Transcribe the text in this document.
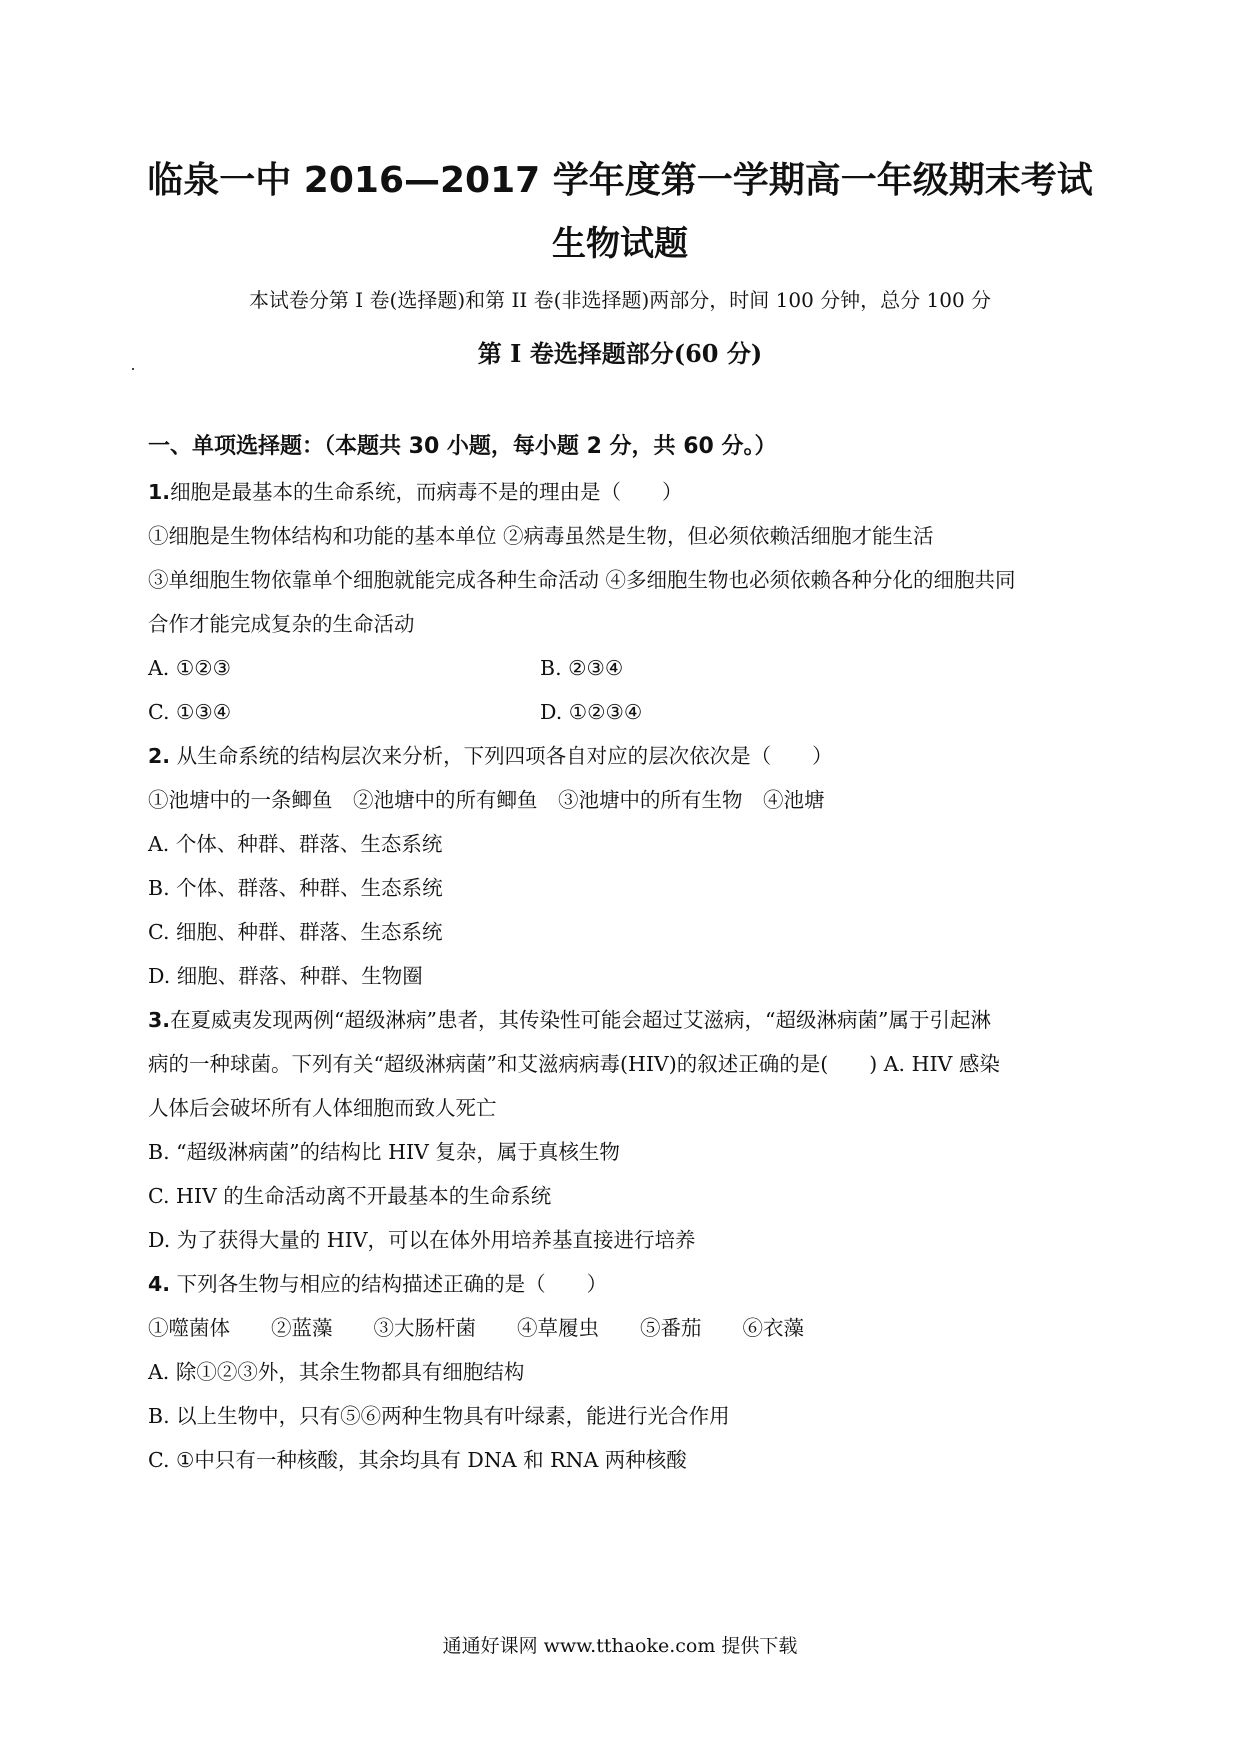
临泉一中 2016—2017 学年度第一学期高一年级期末考试
生物试题
本试卷分第 I 卷(选择题)和第 II 卷(非选择题)两部分，时间 100 分钟，总分 100 分
第 I 卷选择题部分(60 分)
一、单项选择题：（本题共 30 小题，每小题 2 分，共 60 分。）
1.细胞是最基本的生命系统，而病毒不是的理由是（　　）
①细胞是生物体结构和功能的基本单位 ②病毒虽然是生物，但必须依赖活细胞才能生活
③单细胞生物依靠单个细胞就能完成各种生命活动 ④多细胞生物也必须依赖各种分化的细胞共同
合作才能完成复杂的生命活动
A. ①②③	B. ②③④
C. ①③④	D. ①②③④
2. 从生命系统的结构层次来分析，下列四项各自对应的层次依次是（　　）
①池塘中的一条鲫鱼　②池塘中的所有鲫鱼　③池塘中的所有生物　④池塘
A. 个体、种群、群落、生态系统
B. 个体、群落、种群、生态系统
C. 细胞、种群、群落、生态系统
D. 细胞、群落、种群、生物圈
3.在夏威夷发现两例“超级淋病”患者，其传染性可能会超过艾滋病，“超级淋病菌”属于引起淋
病的一种球菌。下列有关“超级淋病菌”和艾滋病病毒(HIV)的叙述正确的是(　　) A. HIV 感染
人体后会破坏所有人体细胞而致人死亡
B. “超级淋病菌”的结构比 HIV 复杂，属于真核生物
C. HIV 的生命活动离不开最基本的生命系统
D. 为了获得大量的 HIV，可以在体外用培养基直接进行培养
4. 下列各生物与相应的结构描述正确的是（　　）
①噬菌体　　②蓝藻　　③大肠杆菌　　④草履虫　　⑤番茄　　⑥衣藻
A. 除①②③外，其余生物都具有细胞结构
B. 以上生物中，只有⑤⑥两种生物具有叶绿素，能进行光合作用
C. ①中只有一种核酸，其余均具有 DNA 和 RNA 两种核酸
通通好课网 www.tthaoke.com 提供下载
